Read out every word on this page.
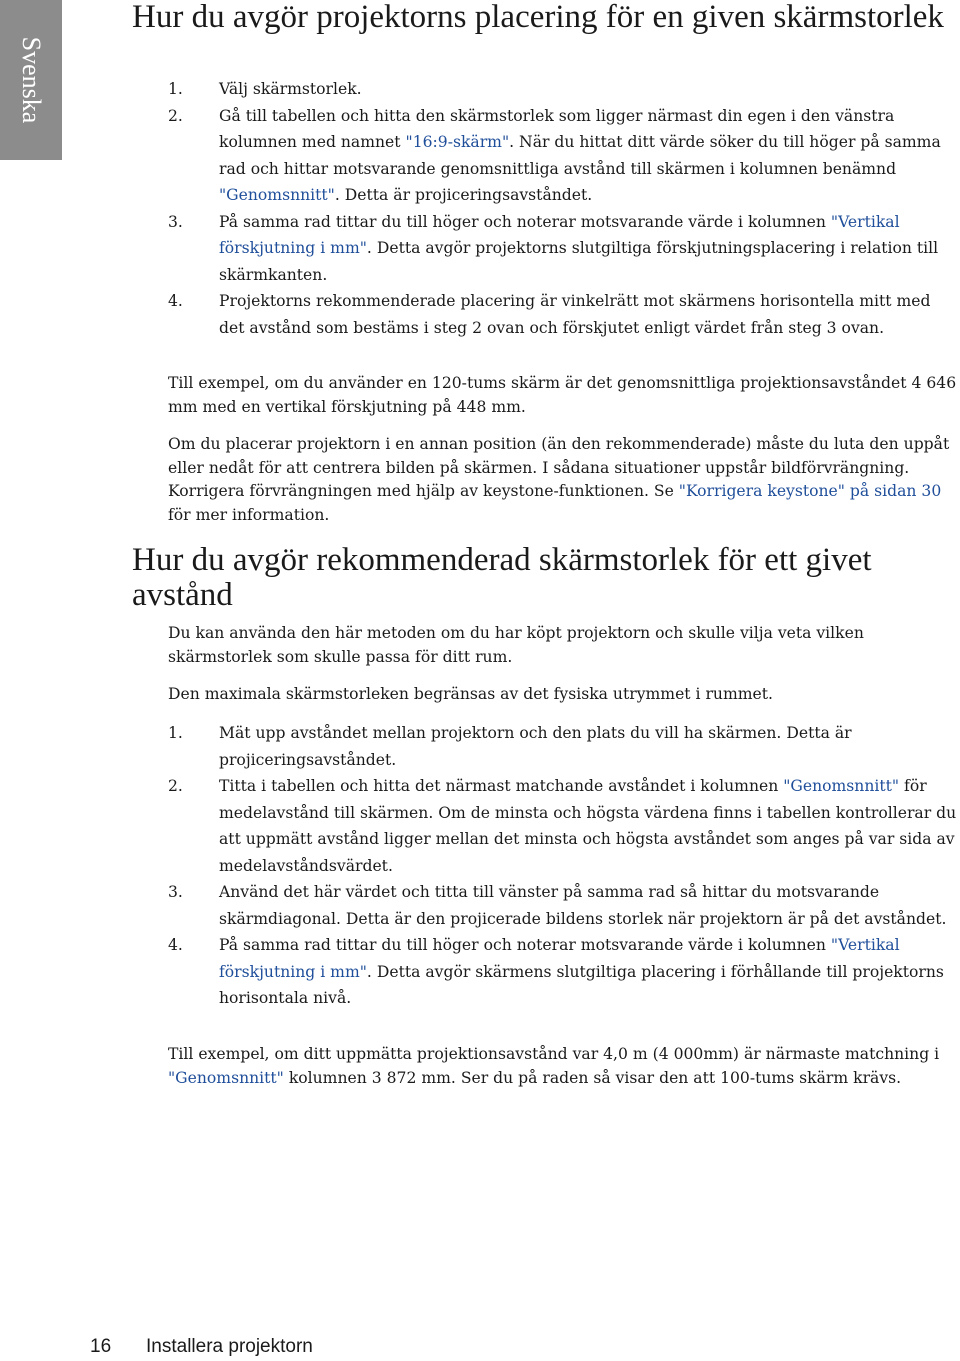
Svenska
Hur du avgör projektorns placering för en given skärmstorlek
1. Välj skärmstorlek.
2. Gå till tabellen och hitta den skärmstorlek som ligger närmast din egen i den vänstra kolumnen med namnet "16:9-skärm". När du hittat ditt värde söker du till höger på samma rad och hittar motsvarande genomsnittliga avstånd till skärmen i kolumnen benämnd "Genomsnnitt". Detta är projiceringsavståndet.
3. På samma rad tittar du till höger och noterar motsvarande värde i kolumnen "Vertikal förskjutning i mm". Detta avgör projektorns slutgiltiga förskjutningsplacering i relation till skärmkanten.
4. Projektorns rekommenderade placering är vinkelrätt mot skärmens horisontella mitt med det avstånd som bestäms i steg 2 ovan och förskjutet enligt värdet från steg 3 ovan.

Till exempel, om du använder en 120-tums skärm är det genomsnittliga projektionsavståndet 4 646 mm med en vertikal förskjutning på 448 mm.

Om du placerar projektorn i en annan position (än den rekommenderade) måste du luta den uppåt eller nedåt för att centrera bilden på skärmen. I sådana situationer uppstår bildförvrängning. Korrigera förvrängningen med hjälp av keystone-funktionen. Se "Korrigera keystone" på sidan 30 för mer information.

Hur du avgör rekommenderad skärmstorlek för ett givet avstånd

Du kan använda den här metoden om du har köpt projektorn och skulle vilja veta vilken skärmstorlek som skulle passa för ditt rum.

Den maximala skärmstorleken begränsas av det fysiska utrymmet i rummet.

1. Mät upp avståndet mellan projektorn och den plats du vill ha skärmen. Detta är projiceringsavståndet.
2. Titta i tabellen och hitta det närmast matchande avståndet i kolumnen "Genomsnnitt" för medelavstånd till skärmen. Om de minsta och högsta värdena finns i tabellen kontrollerar du att uppmätt avstånd ligger mellan det minsta och högsta avståndet som anges på var sida av medelavståndsvärdet.
3. Använd det här värdet och titta till vänster på samma rad så hittar du motsvarande skärmdiagonal. Detta är den projicerade bildens storlek när projektorn är på det avståndet.
4. På samma rad tittar du till höger och noterar motsvarande värde i kolumnen "Vertikal förskjutning i mm". Detta avgör skärmens slutgiltiga placering i förhållande till projektorns horisontala nivå.

Till exempel, om ditt uppmätta projektionsavstånd var 4,0 m (4 000mm) är närmaste matchning i "Genomsnnitt" kolumnen 3 872 mm. Ser du på raden så visar den att 100-tums skärm krävs.

16 Installera projektorn
